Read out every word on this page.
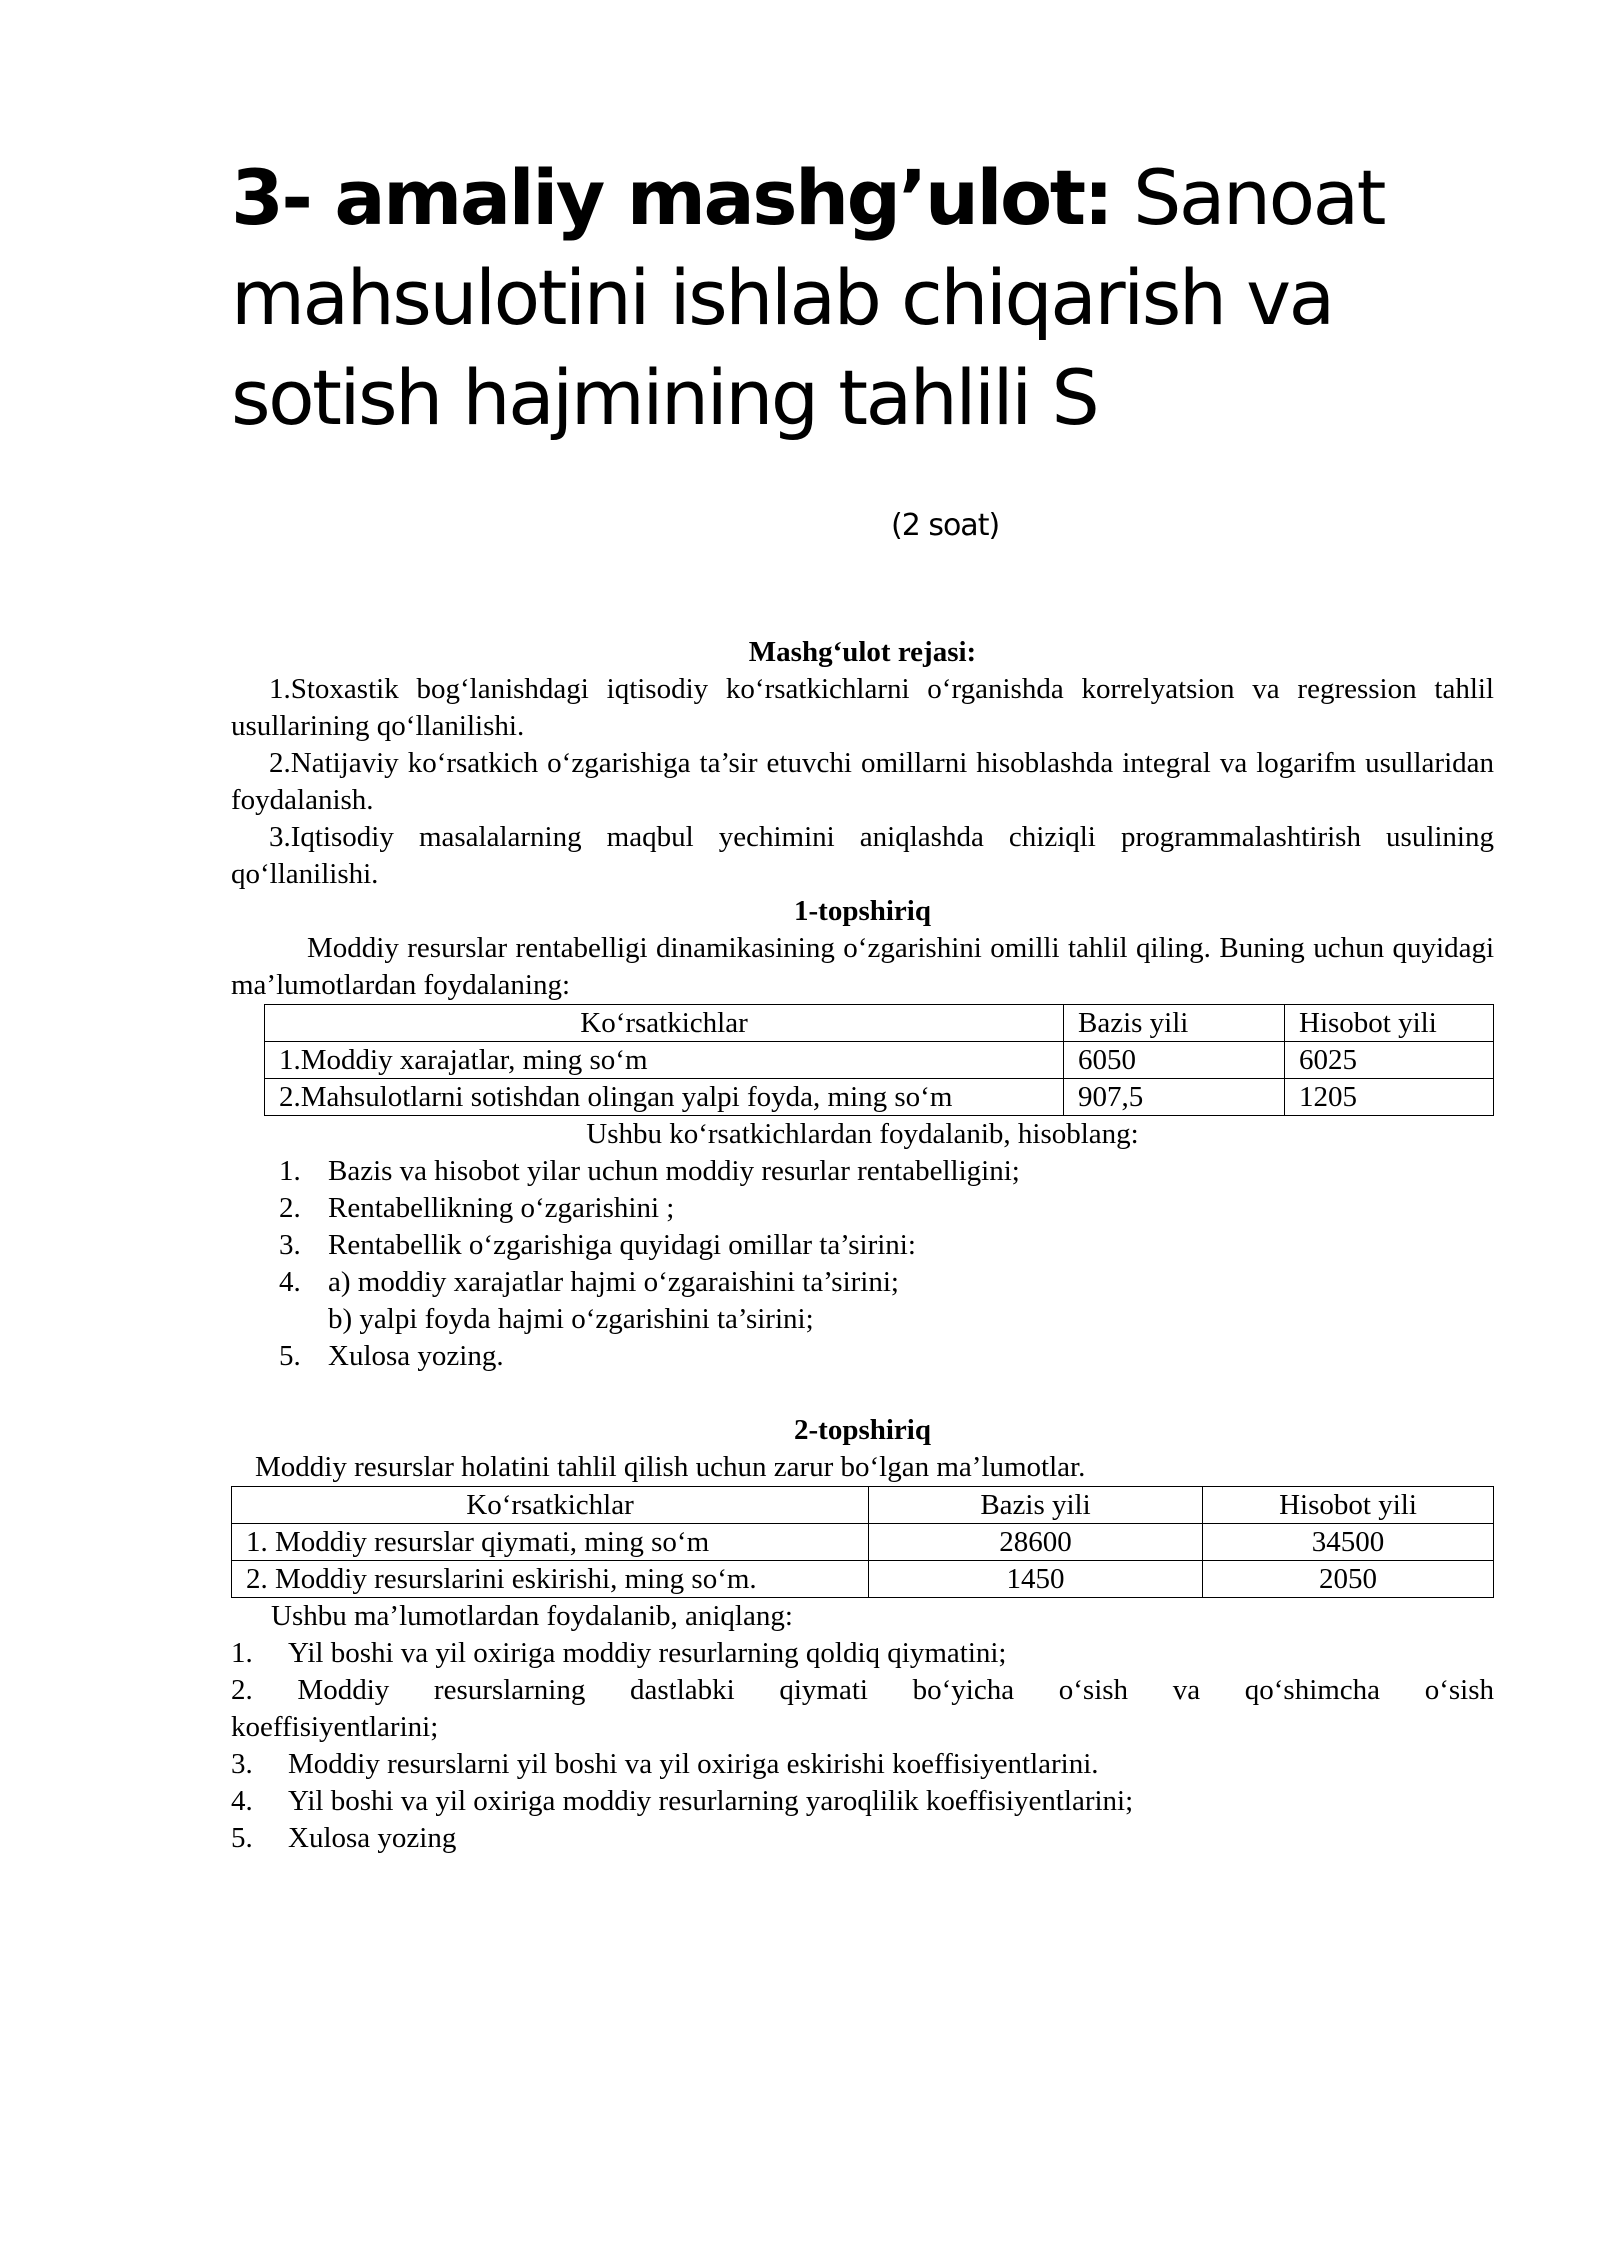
3- amaliy mashg’ulot: Sanoat mahsulotini ishlab chiqarish va sotish hajmining tahlili S
(2 soat)

Mashg‘ulot rejasi:

1.Stoxastik bog‘lanishdagi iqtisodiy ko‘rsatkichlarni o‘rganishda korrelyatsion va regression tahlil usullarining qo‘llanilishi.

2.Natijaviy ko‘rsatkich o‘zgarishiga ta’sir etuvchi omillarni hisoblashda integral va logarifm usullaridan foydalanish.

3.Iqtisodiy masalalarning maqbul yechimini aniqlashda chiziqli programmalashtirish usulining qo‘llanilishi.

1-topshiriq

Moddiy resurslar rentabelligi dinamikasining o‘zgarishini omilli tahlil qiling. Buning uchun quyidagi ma’lumotlardan foydalaning:

Ko‘rsatkichlar	Bazis yili	Hisobot yili
1.Moddiy xarajatlar, ming so‘m	6050	6025
2.Mahsulotlarni sotishdan olingan yalpi foyda, ming so‘m	907,5	1205

Ushbu ko‘rsatkichlardan foydalanib, hisoblang:

1. Bazis va hisobot yilar uchun moddiy resurlar rentabelligini;
2. Rentabellikning o‘zgarishini ;
3. Rentabellik o‘zgarishiga quyidagi omillar ta’sirini:
4. a) moddiy xarajatlar hajmi o‘zgaraishini ta’sirini;
b) yalpi foyda hajmi o‘zgarishini ta’sirini;
5. Xulosa yozing.

2-topshiriq

Moddiy resurslar holatini tahlil qilish uchun zarur bo‘lgan ma’lumotlar.

Ko‘rsatkichlar	Bazis yili	Hisobot yili
1. Moddiy resurslar qiymati, ming so‘m	28600	34500
2. Moddiy resurslarini eskirishi, ming so‘m.	1450	2050

Ushbu ma’lumotlardan foydalanib, aniqlang:

1. Yil boshi va yil oxiriga moddiy resurlarning qoldiq qiymatini;
2. Moddiy resurslarning dastlabki qiymati bo‘yicha o‘sish va qo‘shimcha o‘sish koeffisiyentlarini;
3. Moddiy resurslarni yil boshi va yil oxiriga eskirishi koeffisiyentlarini.
4. Yil boshi va yil oxiriga moddiy resurlarning yaroqlilik koeffisiyentlarini;
5. Xulosa yozing
